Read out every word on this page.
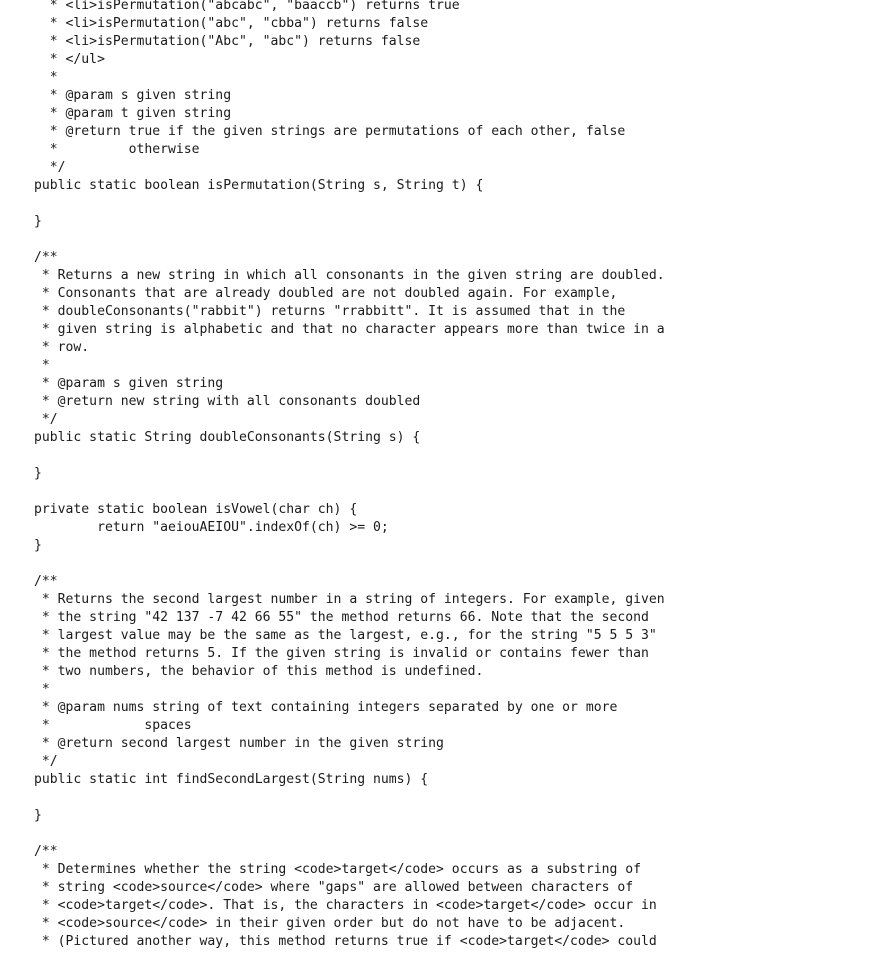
* <li>isPermutation("abcabc", "baaccb") returns true
* <li>isPermutation("abc", "cbba") returns false
* <li>isPermutation("Abc", "abc") returns false
* </ul>
*
* @param s given string
* @param t given string
* @return true if the given strings are permutations of each other, false
*         otherwise
*/
public static boolean isPermutation(String s, String t) {
}
/**
* Returns a new string in which all consonants in the given string are doubled.
* Consonants that are already doubled are not doubled again. For example,
* doubleConsonants("rabbit") returns "rrabbitt". It is assumed that in the
* given string is alphabetic and that no character appears more than twice in a
* row.
*
* @param s given string
* @return new string with all consonants doubled
*/
public static String doubleConsonants(String s) {
}
private static boolean isVowel(char ch) {
return "aeiouAEIOU".indexOf(ch) >= 0;
}
/**
* Returns the second largest number in a string of integers. For example, given
* the string "42 137 -7 42 66 55" the method returns 66. Note that the second
* largest value may be the same as the largest, e.g., for the string "5 5 5 3"
* the method returns 5. If the given string is invalid or contains fewer than
* two numbers, the behavior of this method is undefined.
*
* @param nums string of text containing integers separated by one or more
*            spaces
* @return second largest number in the given string
*/
public static int findSecondLargest(String nums) {
}
/**
* Determines whether the string <code>target</code> occurs as a substring of
* string <code>source</code> where "gaps" are allowed between characters of
* <code>target</code>. That is, the characters in <code>target</code> occur in
* <code>source</code> in their given order but do not have to be adjacent.
* (Pictured another way, this method returns true if <code>target</code> could
